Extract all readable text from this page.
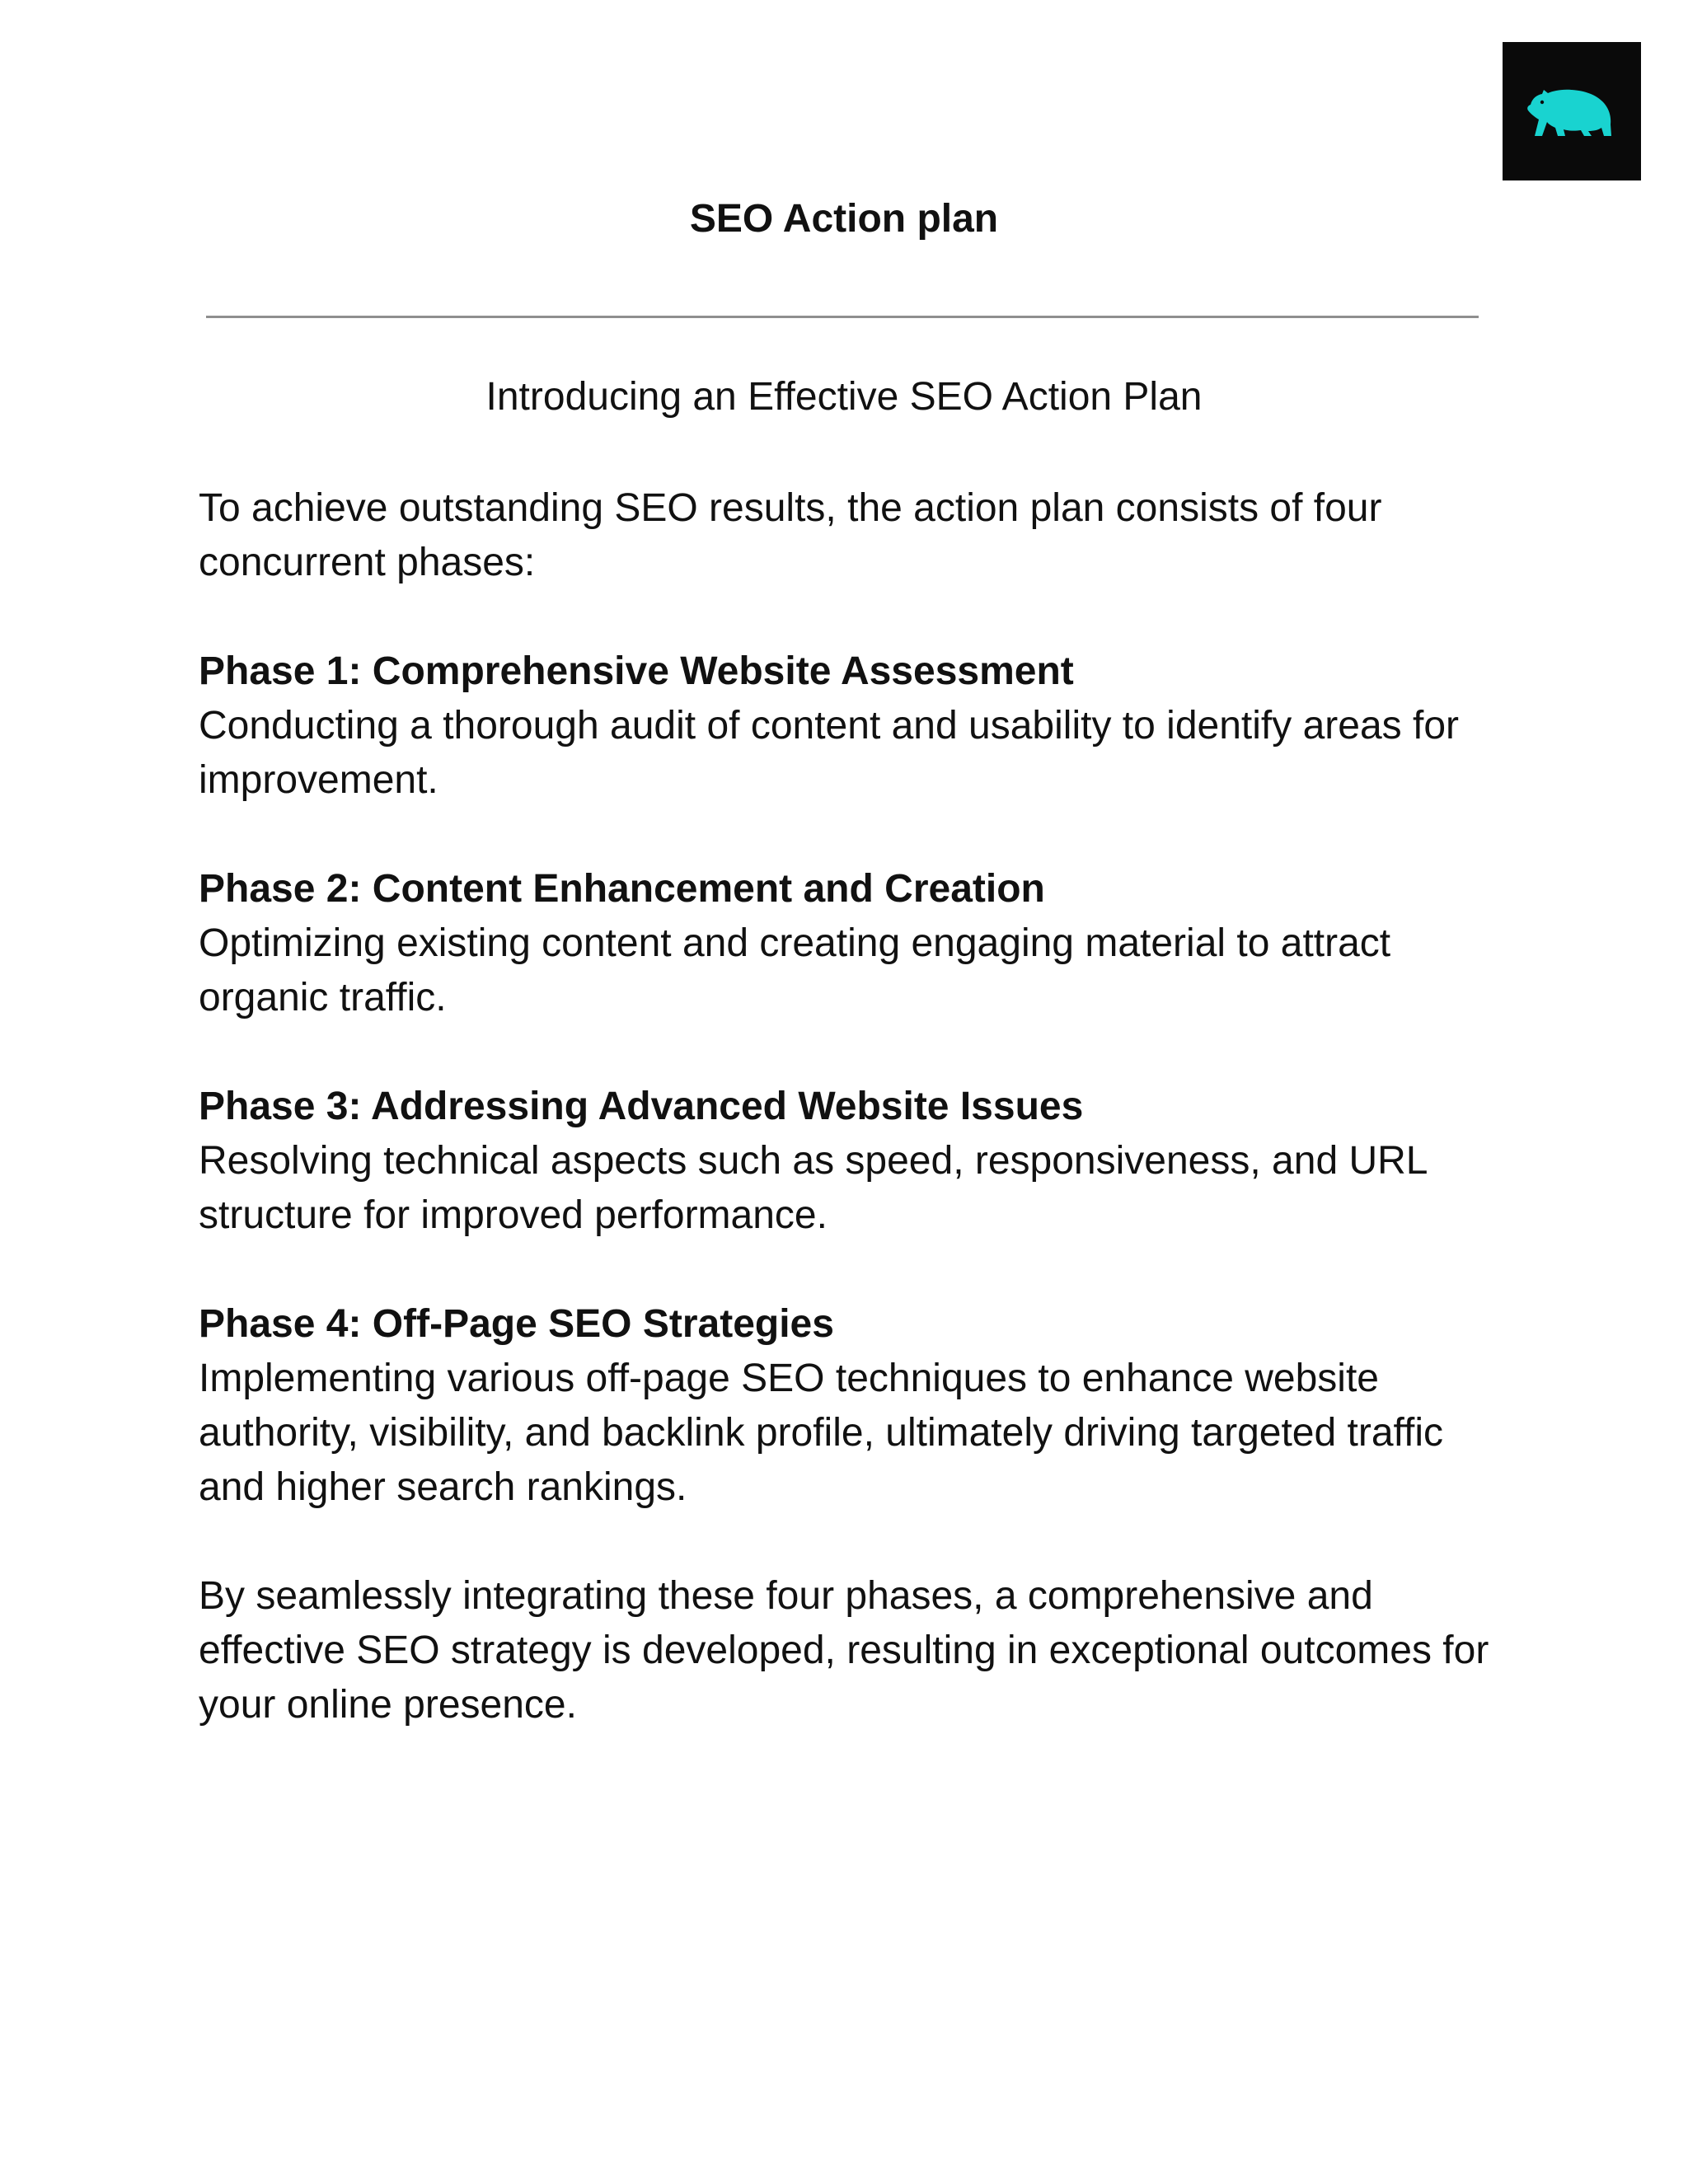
SEO Action plan
Introducing an Effective SEO Action Plan

To achieve outstanding SEO results, the action plan consists of four concurrent phases:

Phase 1: Comprehensive Website Assessment

Conducting a thorough audit of content and usability to identify areas for improvement.

Phase 2: Content Enhancement and Creation

Optimizing existing content and creating engaging material to attract organic traffic.

Phase 3: Addressing Advanced Website Issues

Resolving technical aspects such as speed, responsiveness, and URL structure for improved performance.

Phase 4: Off-Page SEO Strategies

Implementing various off-page SEO techniques to enhance website authority, visibility, and backlink profile, ultimately driving targeted traffic and higher search rankings.

By seamlessly integrating these four phases, a comprehensive and effective SEO strategy is developed, resulting in exceptional outcomes for your online presence.
